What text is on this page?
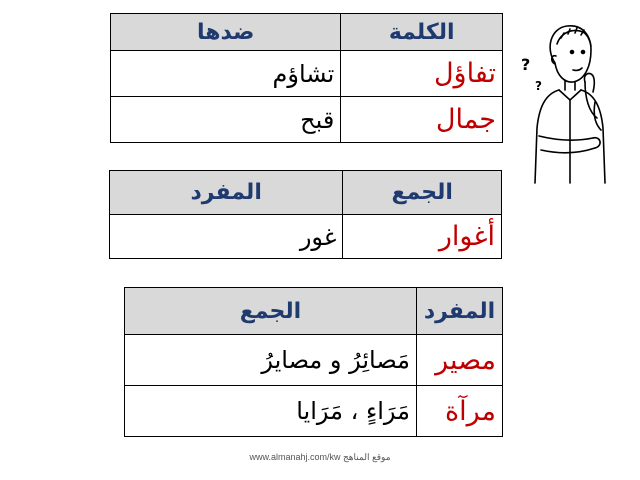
الكلمة	ضدها
تفاؤل	تشاؤم
جمال	قبح
الجمع	المفرد
أغوار	غور
المفرد	الجمع
مصير	مَصائِرُ و مصايرُ
مرآة	مَرَاءٍ ، مَرَايا
?
?
www.almanahj.com/kw موقع المناهج
